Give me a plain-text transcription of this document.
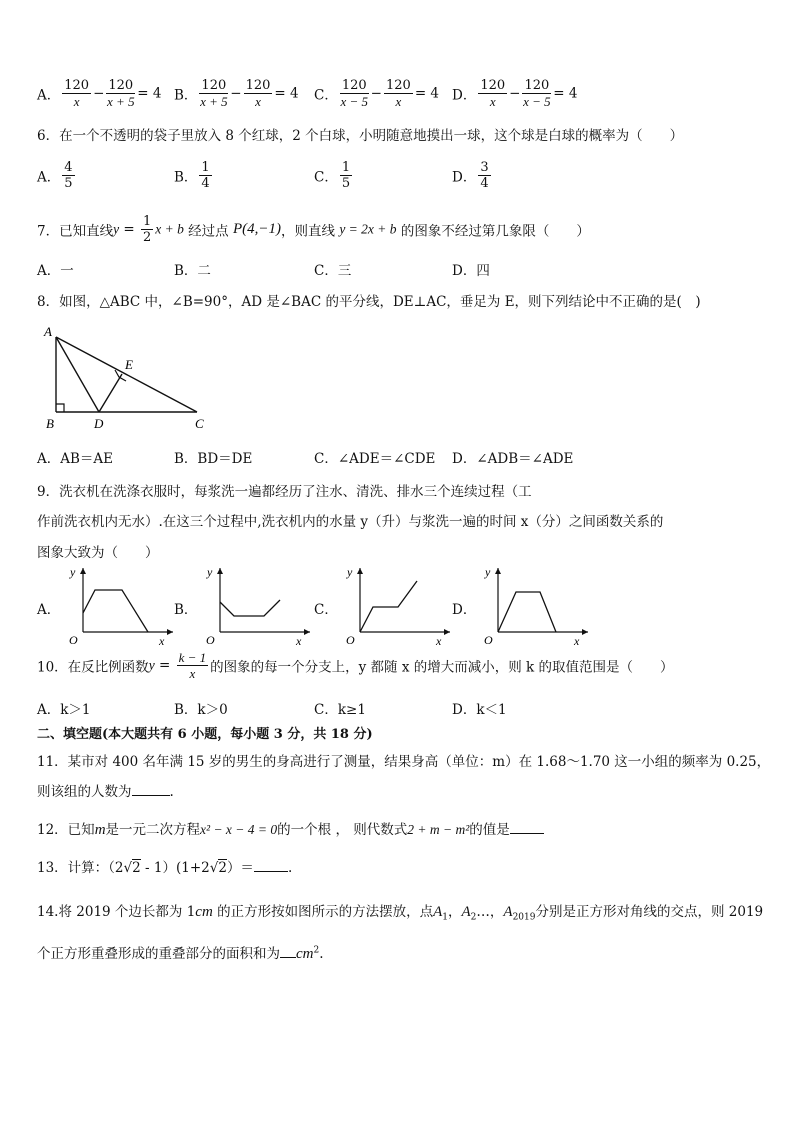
A． $\frac{120}{x} - \frac{120}{x + 5} = 4$ B． $\frac{120}{x + 5} - \frac{120}{x} = 4$ C． $\frac{120}{x - 5} - \frac{120}{x} = 4$ D． $\frac{120}{x} - \frac{120}{x - 5} = 4$
6．在一个不透明的袋子里放入 8 个红球，2 个白球，小明随意地摸出一球，这个球是白球的概率为（　　）
A． $\frac{4}{5}$	B． $\frac{1}{4}$	C． $\frac{1}{5}$	D． $\frac{3}{4}$
7．已知直线$y = \frac{1}{2}$ x + b 经过点 P(4,−1)，则直线 y = 2x + b 的图象不经过第几象限（　　）
A．一	B．二	C．三	D．四
8．如图，△ABC 中，∠B=90°，AD 是∠BAC 的平分线，DE⊥AC，垂足为 E，则下列结论中不正确的是(　)
A
B	D	C
E
A．AB＝AE	B．BD＝DE	C．∠ADE＝∠CDE D．∠ADB＝∠ADE
9．洗衣机在洗涤衣服时，每浆洗一遍都经历了注水、清洗、排水三个连续过程（工
作前洗衣机内无水）.在这三个过程中,洗衣机内的水量 y（升）与浆洗一遍的时间 x（分）之间函数关系的
图象大致为（　　）
A．
y
x
O
B．
y
x
O
C．
y
x
O
D．
y
x
O
10．在反比例函数$y = \frac{k - 1}{x}$ 的图象的每一个分支上，y 都随 x 的增大而减小，则 k 的取值范围是（　　）
A．k＞1	B．k＞0	C．k≥1	D．k＜1
二、填空题(本大题共有 6 小题，每小题 3 分，共 18 分)
11．某市对 400 名年满 15 岁的男生的身高进行了测量，结果身高（单位：m）在 1.68～1.70 这一小组的频率为 0.25，
则该组的人数为	.
12．已知m是一元二次方程x² − x − 4 = 0的一个根 ， 则代数式2 + m − m²的值是
13．计算：（2√2 - 1）(1+2√2）＝	.
14.将 2019 个边长都为 1cm 的正方形按如图所示的方法摆放，点$A_1$，$A_2\dots$，$A_{2019}$分别是正方形对角线的交点，则 2019
个正方形重叠形成的重叠部分的面积和为 $cm^2$.
